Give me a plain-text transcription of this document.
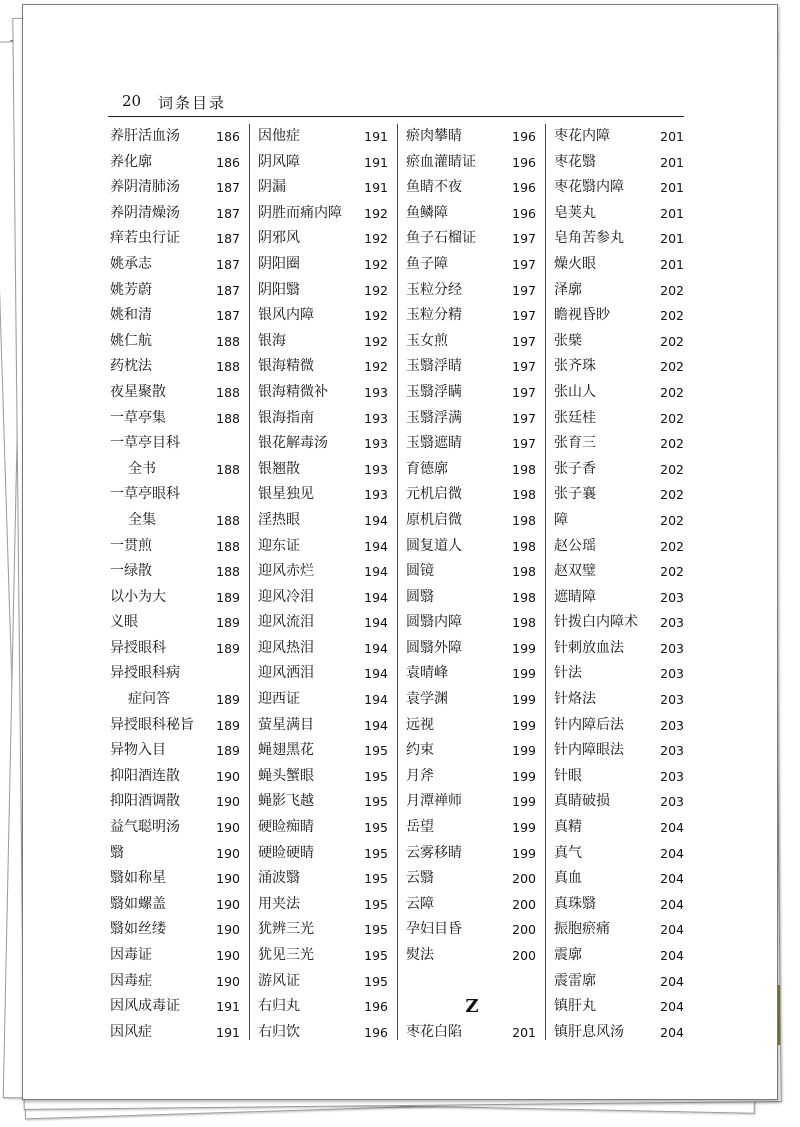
20 词条目录
养肝活血汤	186
养化廓	186
养阴清肺汤	187
养阴清燥汤	187
痒若虫行证	187
姚承志	187
姚芳蔚	187
姚和清	187
姚仁航	188
药枕法	188
夜星聚散	188
一草亭集	188
一草亭目科
全书	188
一草亭眼科
全集	188
一贯煎	188
一绿散	188
以小为大	189
义眼	189
异授眼科	189
异授眼科病
症问答	189
异授眼科秘旨 189
异物入目	189
抑阳酒连散	190
抑阳酒调散	190
益气聪明汤	190
翳	190
翳如称星	190
翳如螺盖	190
翳如丝缕	190
因毒证	190
因毒症	190
因风成毒证	191
因风症	191
因他症	191
阴风障	191
阴漏	191
阴胜而痛内障 192
阴邪风	192
阴阳圈	192
阴阳翳	192
银风内障	192
银海	192
银海精微	192
银海精微补	193
银海指南	193
银花解毒汤	193
银翘散	193
银星独见	193
淫热眼	194
迎东证	194
迎风赤烂	194
迎风冷泪	194
迎风流泪	194
迎风热泪	194
迎风洒泪	194
迎西证	194
萤星满目	194
蝇翅黑花	195
蝇头蟹眼	195
蝇影飞越	195
硬睑痴睛	195
硬睑硬睛	195
涌波翳	195
用夹法	195
犹辨三光	195
犹见三光	195
游风证	195
右归丸	196
右归饮	196
瘀肉攀睛	196
瘀血灌睛证	196
鱼睛不夜	196
鱼鳞障	196
鱼子石榴证	197
鱼子障	197
玉粒分经	197
玉粒分精	197
玉女煎	197
玉翳浮睛	197
玉翳浮瞒	197
玉翳浮满	197
玉翳遮睛	197
育德廓	198
元机启微	198
原机启微	198
圆复道人	198
圆镜	198
圆翳	198
圆翳内障	198
圆翳外障	199
袁晴峰	199
袁学渊	199
远视	199
约束	199
月斧	199
月潭禅师	199
岳望	199
云雾移睛	199
云翳	200
云障	200
孕妇目昏	200
熨法	200
Z
枣花白陷	201
枣花内障	201
枣花翳	201
枣花翳内障	201
皂荚丸	201
皂角苦参丸	201
燥火眼	201
泽廓	202
瞻视昏眇	202
张檗	202
张齐珠	202
张山人	202
张廷桂	202
张育三	202
张子香	202
张子襄	202
障	202
赵公瑶	202
赵双璧	202
遮睛障	203
针拨白内障术 203
针刺放血法	203
针法	203
针烙法	203
针内障后法	203
针内障眼法	203
针眼	203
真睛破损	203
真精	204
真气	204
真血	204
真珠翳	204
振胞瘀痛	204
震廓	204
震雷廓	204
镇肝丸	204
镇肝息风汤	204
